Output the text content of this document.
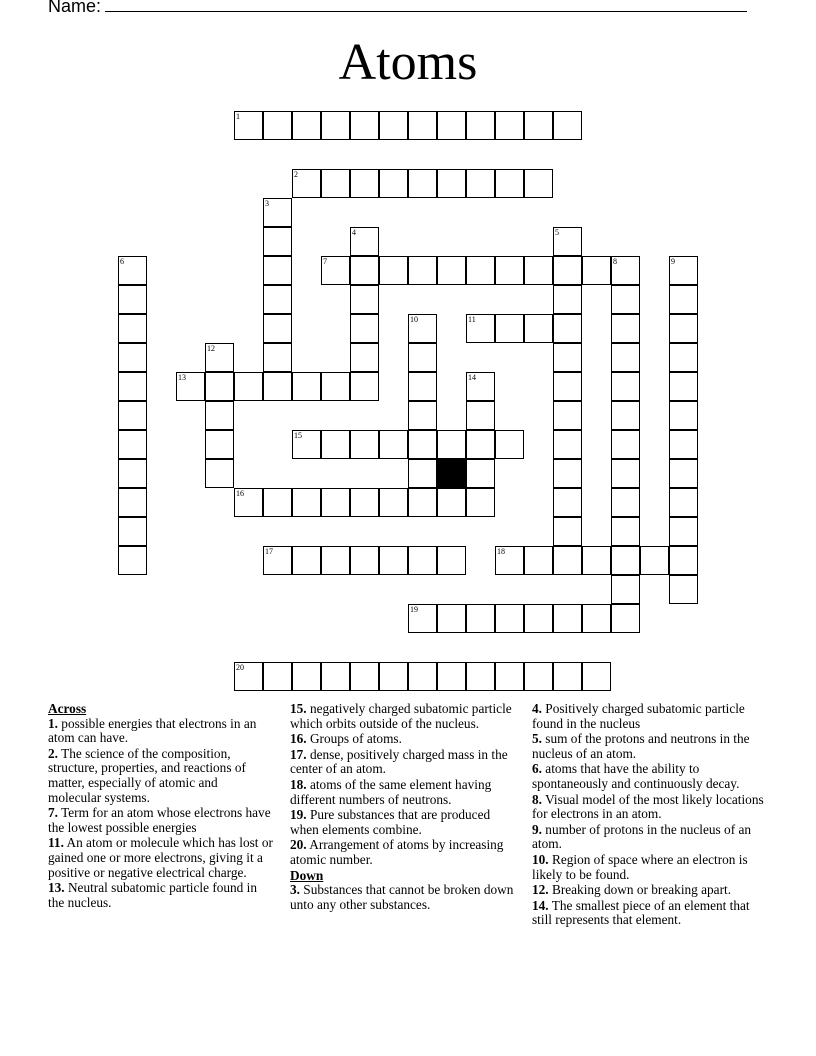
Name:
Atoms
1
2
3
4	5
6	7	8	9
10	11
12
13	14
15
16
17	18
19
20
Across
1. possible energies that electrons in an atom can have.
2. The science of the composition, structure, properties, and reactions of matter, especially of atomic and molecular systems.
7. Term for an atom whose electrons have the lowest possible energies
11. An atom or molecule which has lost or gained one or more electrons, giving it a positive or negative electrical charge.
13. Neutral subatomic particle found in the nucleus.
15. negatively charged subatomic particle which orbits outside of the nucleus.
16. Groups of atoms.
17. dense, positively charged mass in the center of an atom.
18. atoms of the same element having different numbers of neutrons.
19. Pure substances that are produced when elements combine.
20. Arrangement of atoms by increasing atomic number.
Down
3. Substances that cannot be broken down unto any other substances.
4. Positively charged subatomic particle found in the nucleus
5. sum of the protons and neutrons in the nucleus of an atom.
6. atoms that have the ability to spontaneously and continuously decay.
8. Visual model of the most likely locations for electrons in an atom.
9. number of protons in the nucleus of an atom.
10. Region of space where an electron is likely to be found.
12. Breaking down or breaking apart.
14. The smallest piece of an element that still represents that element.
